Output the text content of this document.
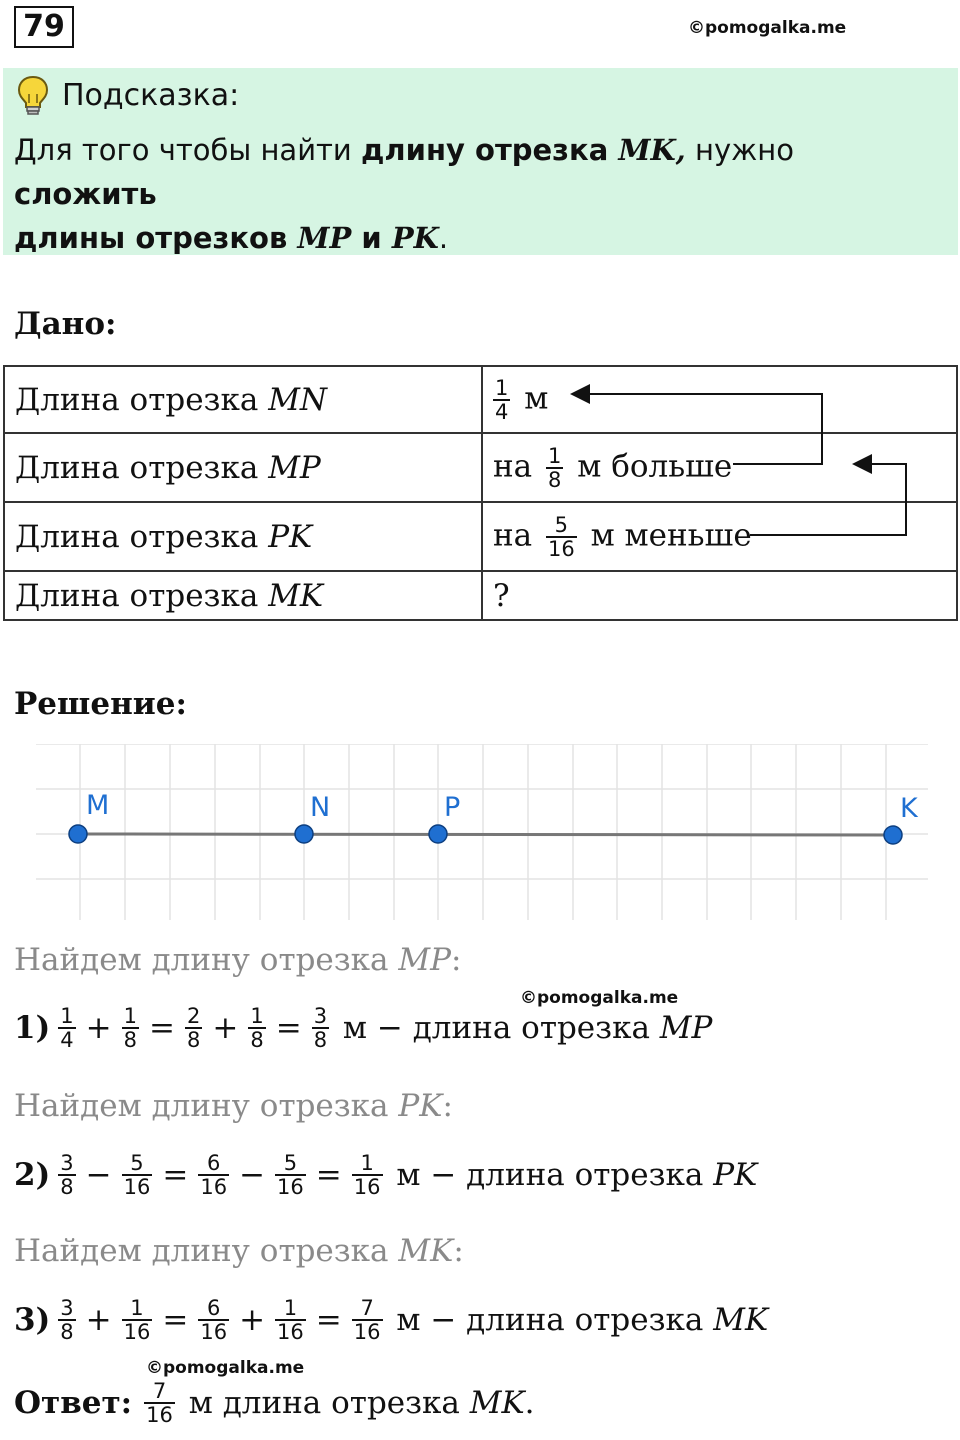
79	©pomogalka.me
Подсказка:
Для того чтобы найти длину отрезка MK, нужно сложить
длины отрезков MP и PK.
Дано:
Длина отрезка MN	$\frac{1}{4}$ м
Длина отрезка MP	на $\frac{1}{8}$ м больше
Длина отрезка PK	на $\frac{5}{16}$ м меньше
Длина отрезка MK	?
Решение:
M	N	P	K
Найдем длину отрезка MP:
©pomogalka.me
$1) \frac{1}{4} + \frac{1}{8} = \frac{2}{8} + \frac{1}{8} = \frac{3}{8}$ м − длина отрезка MP
Найдем длину отрезка PK:
$2) \frac{3}{8} - \frac{5}{16} = \frac{6}{16} - \frac{5}{16} = \frac{1}{16}$ м − длина отрезка PK
Найдем длину отрезка MK:
$3) \frac{3}{8} + \frac{1}{16} = \frac{6}{16} + \frac{1}{16} = \frac{7}{16}$ м − длина отрезка MK
©pomogalka.me
Ответ: $\frac{7}{16}$ м длина отрезка MK .
